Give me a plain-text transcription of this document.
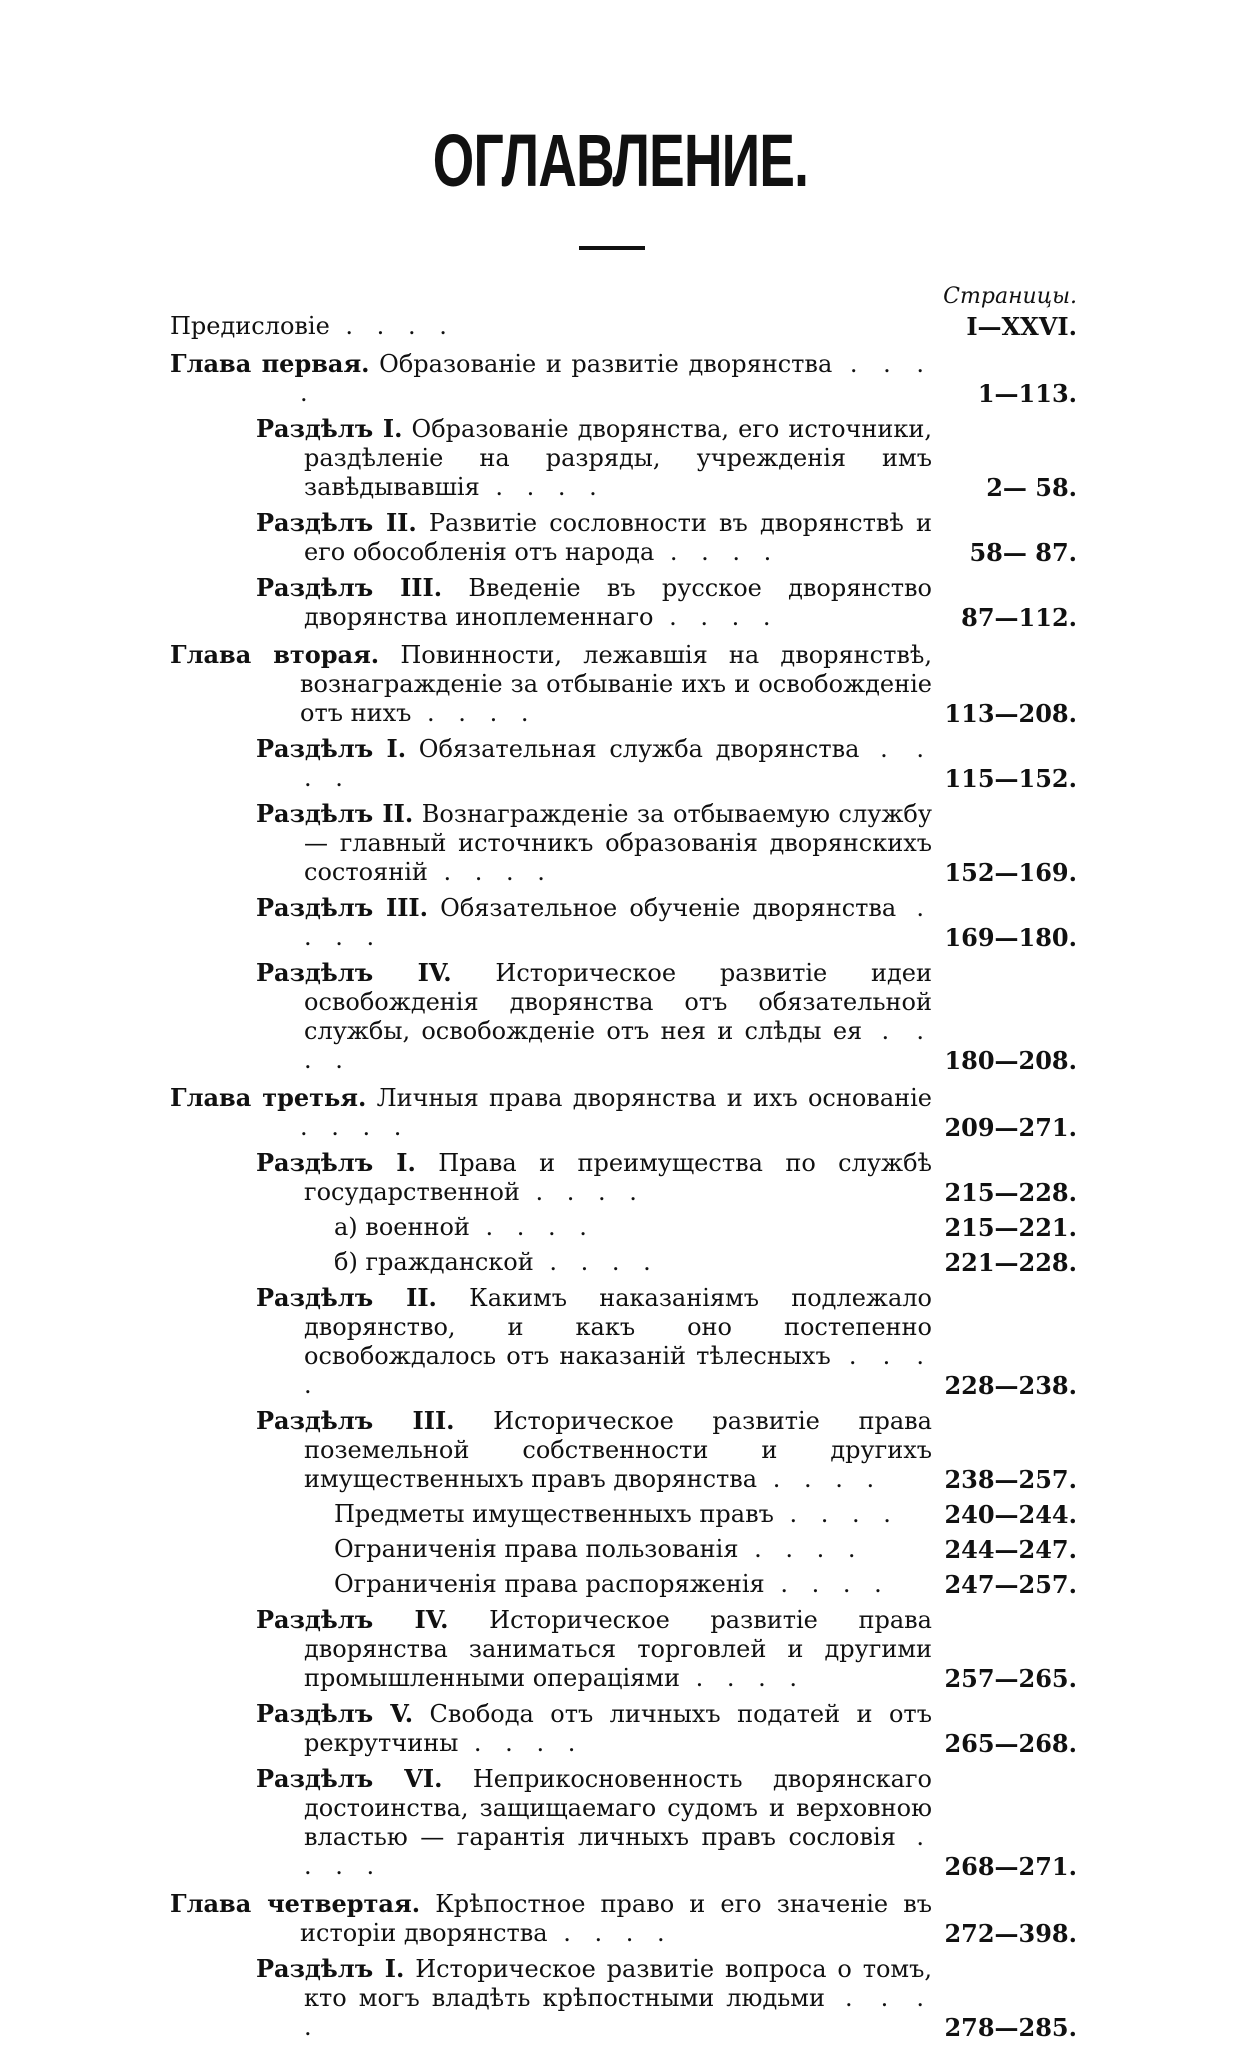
ОГЛАВЛЕНИЕ.
Страницы.
Предисловіе . . . .	I—XXVI.
Глава первая. Образованіе и развитіе дворянства . . . .	1—113.
Раздѣлъ I. Образованіе дворянства, его источники, раздѣленіе на разряды, учрежденія имъ завѣдывавшія . . . .	2— 58.
Раздѣлъ II. Развитіе сословности въ дворянствѣ и его обособленія отъ народа . . . .	58— 87.
Раздѣлъ III. Введеніе въ русское дворянство дворянства иноплеменнаго . . . .	87—112.
Глава вторая. Повинности, лежавшія на дворянствѣ, вознагражденіе за отбываніе ихъ и освобожденіе отъ нихъ . . . .	113—208.
Раздѣлъ I. Обязательная служба дворянства . . . .	115—152.
Раздѣлъ II. Вознагражденіе за отбываемую службу — главный источникъ образованія дворянскихъ состояній . . . .	152—169.
Раздѣлъ III. Обязательное обученіе дворянства . . . .	169—180.
Раздѣлъ IV. Историческое развитіе идеи освобожденія дворянства отъ обязательной службы, освобожденіе отъ нея и слѣды ея . . . .	180—208.
Глава третья. Личныя права дворянства и ихъ основаніе . . . .	209—271.
Раздѣлъ I. Права и преимущества по службѣ государственной . . . .	215—228.
а) военной . . . .	215—221.
б) гражданской . . . .	221—228.
Раздѣлъ II. Какимъ наказаніямъ подлежало дворянство, и какъ оно постепенно освобождалось отъ наказаній тѣлесныхъ . . . .	228—238.
Раздѣлъ III. Историческое развитіе права поземельной собственности и другихъ имущественныхъ правъ дворянства . . . .	238—257.
Предметы имущественныхъ правъ . . . .	240—244.
Ограниченія права пользованія . . . .	244—247.
Ограниченія права распоряженія . . . .	247—257.
Раздѣлъ IV. Историческое развитіе права дворянства заниматься торговлей и другими промышленными операціями . . . .	257—265.
Раздѣлъ V. Свобода отъ личныхъ податей и отъ рекрутчины . . . .	265—268.
Раздѣлъ VI. Неприкосновенность дворянскаго достоинства, защищаемаго судомъ и верховною властью — гарантія личныхъ правъ сословія . . . .	268—271.
Глава четвертая. Крѣпостное право и его значеніе въ исторіи дворянства . . . .	272—398.
Раздѣлъ I. Историческое развитіе вопроса о томъ, кто могъ владѣть крѣпостными людьми . . . .	278—285.
